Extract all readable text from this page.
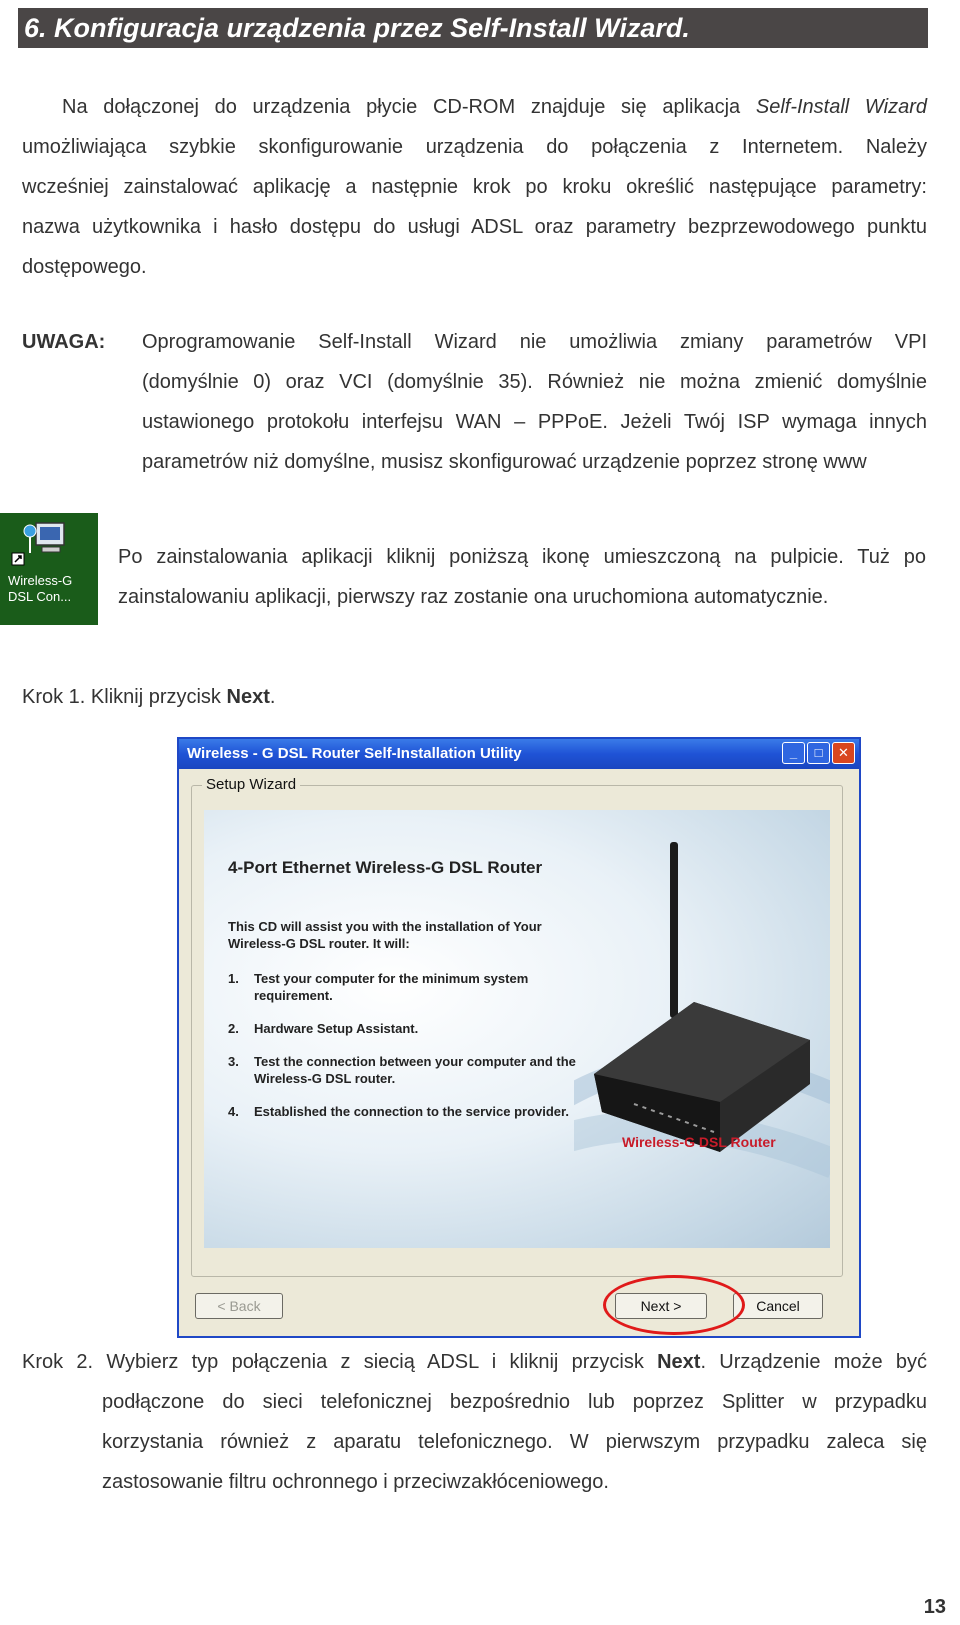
6. Konfiguracja urządzenia przez Self-Install Wizard.
Na dołączonej do urządzenia płycie CD-ROM znajduje się aplikacja Self-Install Wizard
umożliwiająca szybkie skonfigurowanie urządzenia do połączenia z Internetem. Należy
wcześniej zainstalować aplikację a następnie krok po kroku określić następujące parametry:
nazwa użytkownika i hasło dostępu do usługi ADSL oraz parametry bezprzewodowego punktu
dostępowego.
UWAGA: Oprogramowanie Self-Install Wizard nie umożliwia zmiany parametrów VPI
(domyślnie 0) oraz VCI (domyślnie 35). Również nie można zmienić domyślnie
ustawionego protokołu interfejsu WAN – PPPoE. Jeżeli Twój ISP wymaga innych
parametrów niż domyślne, musisz skonfigurować urządzenie poprzez stronę www
Wireless-G
DSL Con...
Po zainstalowania aplikacji kliknij poniższą ikonę umieszczoną na pulpicie. Tuż po
zainstalowaniu aplikacji, pierwszy raz zostanie ona uruchomiona automatycznie.
Krok 1. Kliknij przycisk Next.
Wireless - G DSL Router Self-Installation Utility	_	□	✕
Setup Wizard
4-Port Ethernet Wireless-G DSL Router
This CD will assist you with the installation of Your Wireless-G DSL router. It will:
1. Test your computer for the minimum system requirement.
2. Hardware Setup Assistant.
3. Test the connection between your computer and the Wireless-G DSL router.
4. Established the connection to the service provider.
Wireless-G DSL Router
< Back	Next >	Cancel
Krok 2. Wybierz typ połączenia z siecią ADSL i kliknij przycisk Next. Urządzenie może być
podłączone do sieci telefonicznej bezpośrednio lub poprzez Splitter w przypadku
korzystania również z aparatu telefonicznego. W pierwszym przypadku zaleca się
zastosowanie filtru ochronnego i przeciwzakłóceniowego.
13
